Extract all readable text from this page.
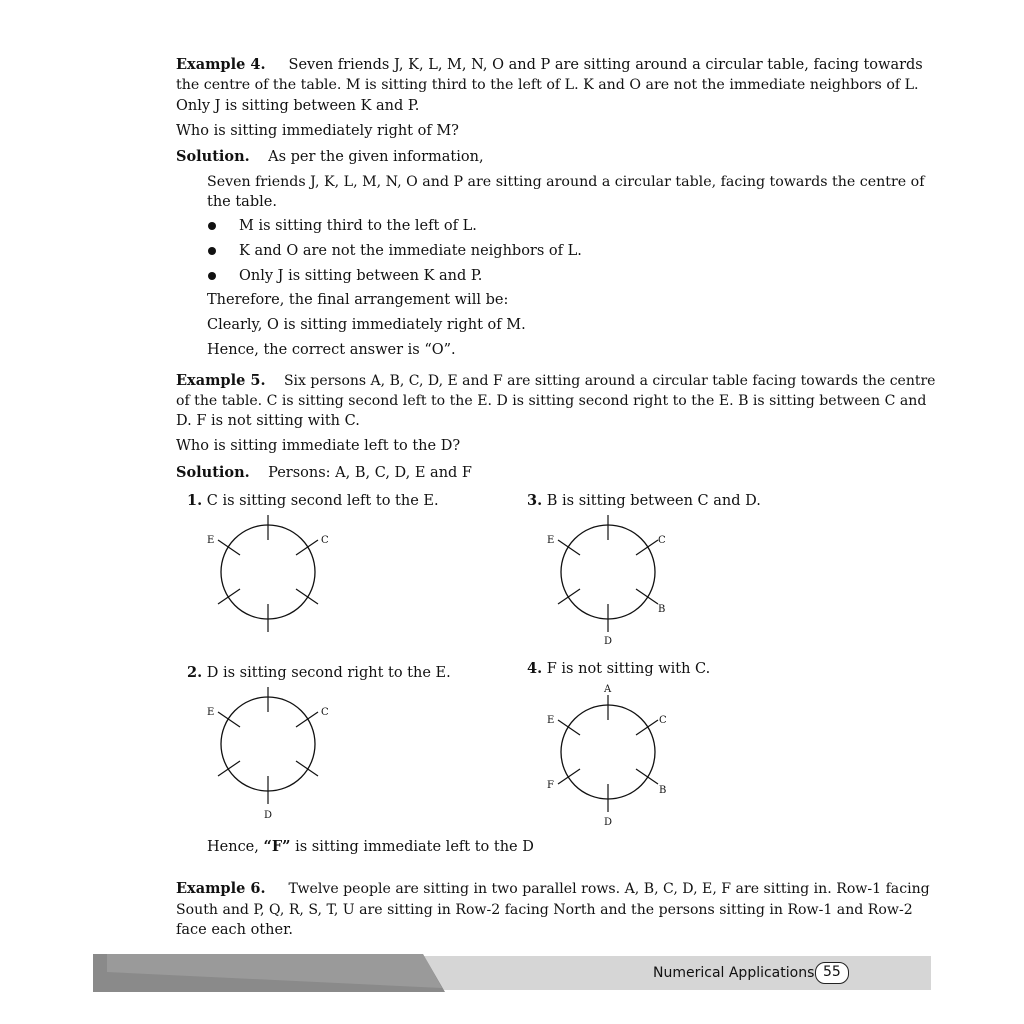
Example 4. Seven friends J, K, L, M, N, O and P are sitting around a circular table, facing towards
the centre of the table. M is sitting third to the left of L. K and O are not the immediate neighbors of L.
Only J is sitting between K and P.
Who is sitting immediately right of M?
Solution. As per the given information,
Seven friends J, K, L, M, N, O and P are sitting around a circular table, facing towards the centre of
the table.
M is sitting third to the left of L.
K and O are not the immediate neighbors of L.
Only J is sitting between K and P.
Therefore, the final arrangement will be:
Clearly, O is sitting immediately right of M.
Hence, the correct answer is “O”.
Example 5. Six persons A, B, C, D, E and F are sitting around a circular table facing towards the centre
of the table. C is sitting second left to the E. D is sitting second right to the E. B is sitting between C and
D. F is not sitting with C.
Who is sitting immediate left to the D?
Solution. Persons: A, B, C, D, E and F
1. C is sitting second left to the E.	3. B is sitting between C and D.
2. D is sitting second right to the E.	4. F is not sitting with C.
E	C
E	C
D
E	C
B
D
A
E	C
F	B
D
Hence, “F” is sitting immediate left to the D
Example 6. Twelve people are sitting in two parallel rows. A, B, C, D, E, F are sitting in. Row-1 facing
South and P, Q, R, S, T, U are sitting in Row-2 facing North and the persons sitting in Row-1 and Row-2
face each other.
Numerical Applications 55
